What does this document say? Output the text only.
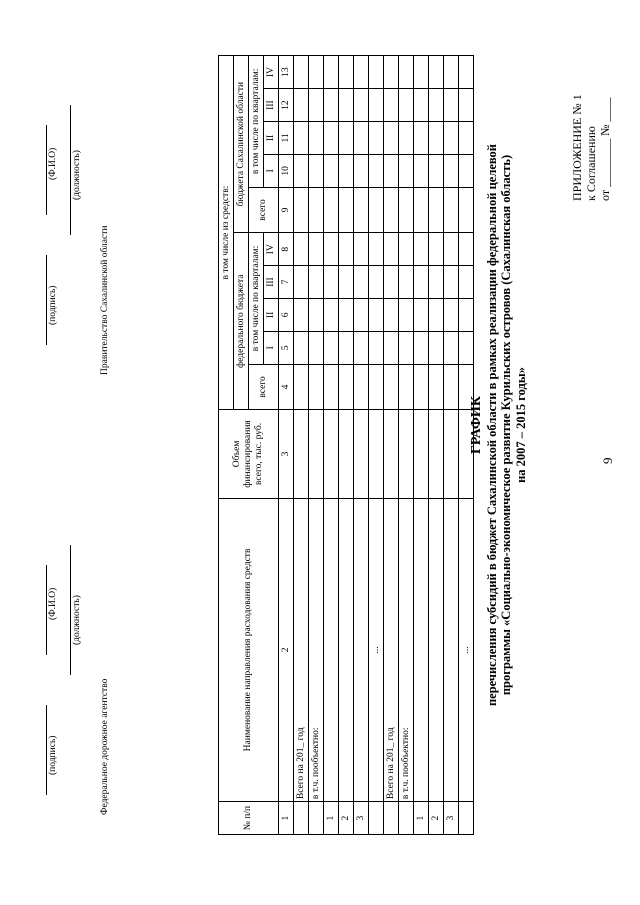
9
ПРИЛОЖЕНИЕ № 1 к Соглашению от ________ № ____
ГРАФИК перечисления субсидий в бюджет Сахалинской области в рамках реализации федеральной целевой программы «Социально-экономическое развитие Курильских островов (Сахалинская область) на 2007 – 2015 годы»
№ п/п	Наименование направления расходования средств	Объем финансирования всего, тыс. руб.	в том числе из средств:									
			федерального бюджета					бюджета Сахалинской области				
			всего	в том числе по кварталам:				всего	в том числе по кварталам:			
				I	II	III	IV		I	II	III	IV
1	2	3	4	5	6	7	8	9	10	11	12	13
	Всего на 201_ год											
	в т.ч. пообъектно:											
1												
2												
3												
	...											
	Всего на 201_ год											
	в т.ч. пообъектно:											
1												
2												
3												
	...											
Федеральное дорожное агентство
(должность)
(подпись)
(Ф.И.О)
Правительство Сахалинской области
(должность)
(подпись)
(Ф.И.О)
